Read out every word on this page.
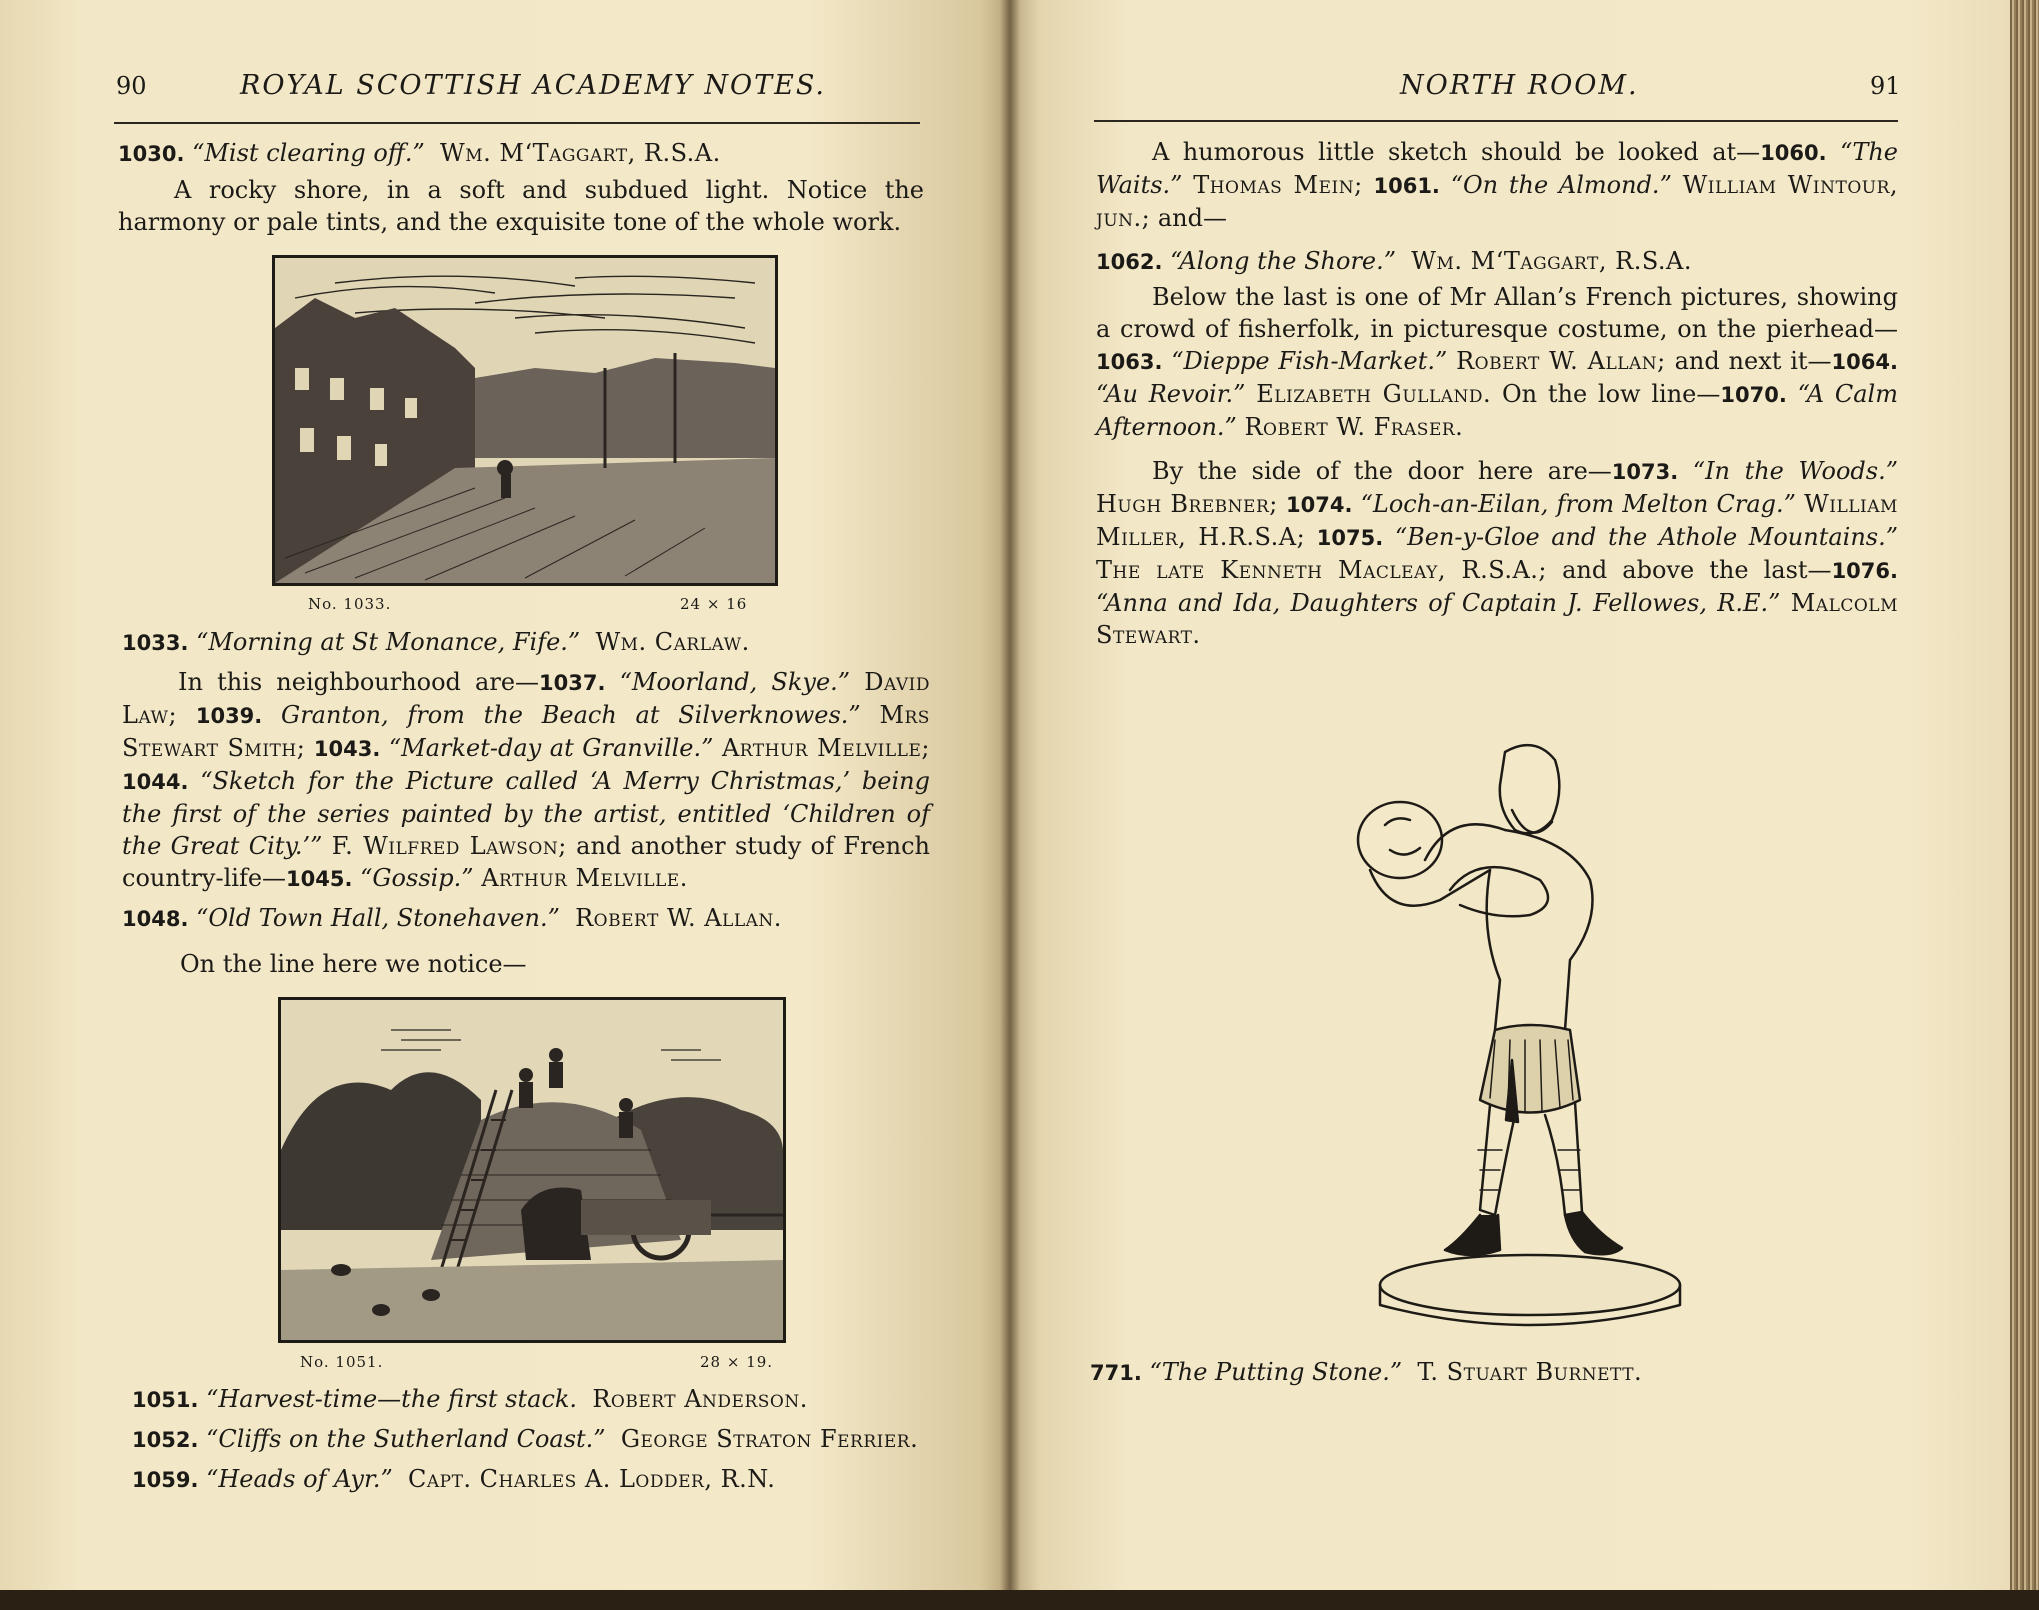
90	ROYAL SCOTTISH ACADEMY NOTES.

1030. “Mist clearing off.” Wm. M‘Taggart, R.S.A.

A rocky shore, in a soft and subdued light. Notice the harmony or pale tints, and the exquisite tone of the whole work.

No. 1033.	24 × 16

1033. “Morning at St Monance, Fife.” Wm. Carlaw.

In this neighbourhood are—1037. “Moorland, Skye.” David Law; 1039. Granton, from the Beach at Silverknowes.” Mrs Stewart Smith; 1043. “Market-day at Granville.” Arthur Melville; 1044. “Sketch for the Picture called ‘A Merry Christmas,’ being the first of the series painted by the artist, entitled ‘Children of the Great City.’” F. Wilfred Lawson; and another study of French country-life—1045. “Gossip.” Arthur Melville.

1048. “Old Town Hall, Stonehaven.” Robert W. Allan.

On the line here we notice—
No. 1051.	28 × 19.

1051. “Harvest-time—the first stack. Robert Anderson.

1052. “Cliffs on the Sutherland Coast.” George Straton Ferrier.

1059. “Heads of Ayr.” Capt. Charles A. Lodder, R.N.

NORTH ROOM.	91

A humorous little sketch should be looked at—1060. “The Waits.” Thomas Mein; 1061. “On the Almond.” William Wintour, jun.; and—

1062. “Along the Shore.” Wm. M‘Taggart, R.S.A.

Below the last is one of Mr Allan’s French pictures, showing a crowd of fisherfolk, in picturesque costume, on the pierhead—1063. “Dieppe Fish-Market.” Robert W. Allan; and next it—1064. “Au Revoir.” Elizabeth Gulland. On the low line—1070. “A Calm Afternoon.” Robert W. Fraser.

By the side of the door here are—1073. “In the Woods.” Hugh Brebner; 1074. “Loch-an-Eilan, from Melton Crag.” William Miller, H.R.S.A; 1075. “Ben-y-Gloe and the Athole Mountains.” The late Kenneth Macleay, R.S.A.; and above the last—1076. “Anna and Ida, Daughters of Captain J. Fellowes, R.E.” Malcolm Stewart.

771. “The Putting Stone.” T. Stuart Burnett.
